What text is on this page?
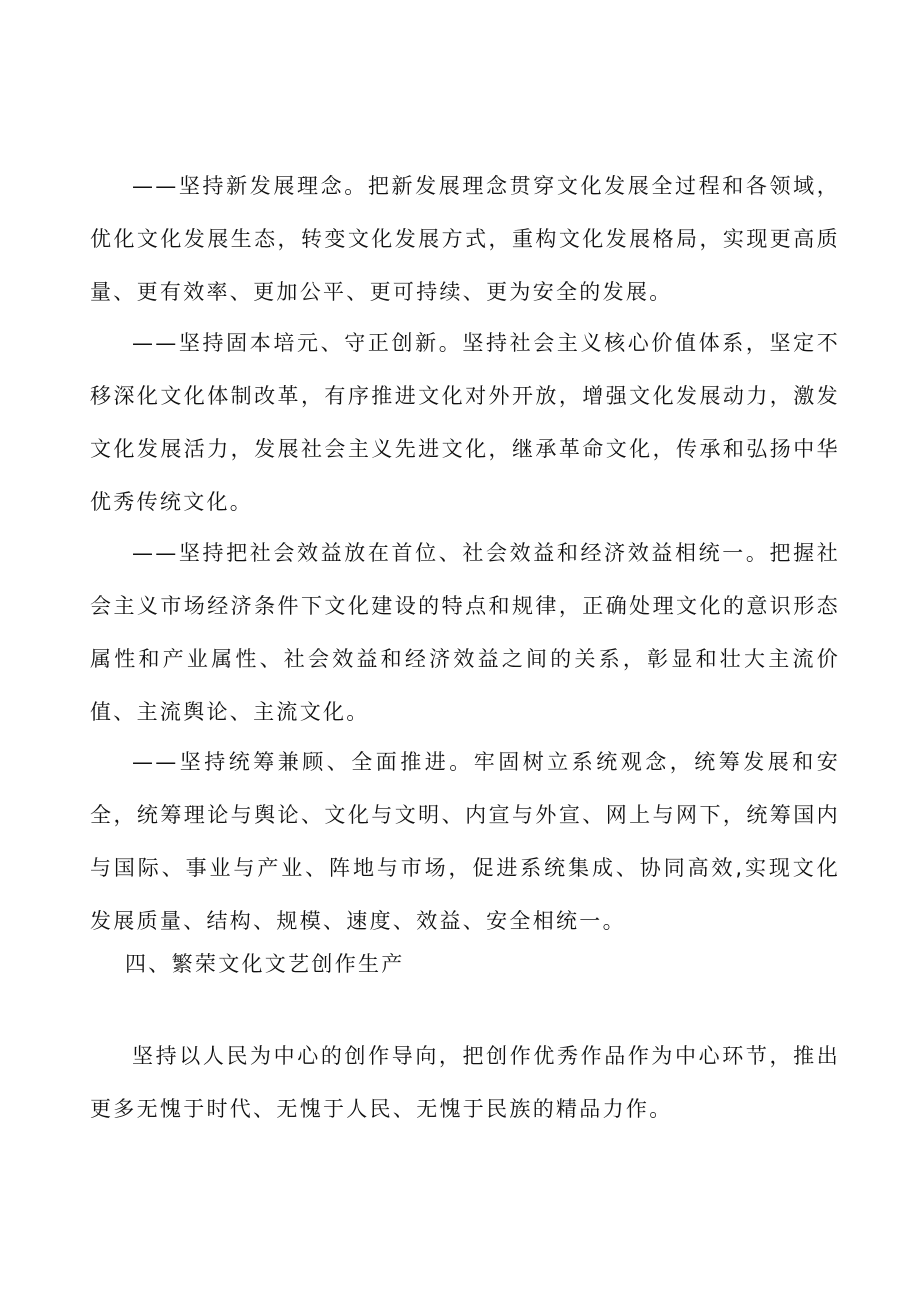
——坚持新发展理念。把新发展理念贯穿文化发展全过程和各领域，优化文化发展生态，转变文化发展方式，重构文化发展格局，实现更高质量、更有效率、更加公平、更可持续、更为安全的发展。

——坚持固本培元、守正创新。坚持社会主义核心价值体系，坚定不移深化文化体制改革，有序推进文化对外开放，增强文化发展动力，激发文化发展活力，发展社会主义先进文化，继承革命文化，传承和弘扬中华优秀传统文化。

——坚持把社会效益放在首位、社会效益和经济效益相统一。把握社会主义市场经济条件下文化建设的特点和规律，正确处理文化的意识形态属性和产业属性、社会效益和经济效益之间的关系，彰显和壮大主流价值、主流舆论、主流文化。

——坚持统筹兼顾、全面推进。牢固树立系统观念，统筹发展和安全，统筹理论与舆论、文化与文明、内宣与外宣、网上与网下，统筹国内与国际、事业与产业、阵地与市场，促进系统集成、协同高效,实现文化发展质量、结构、规模、速度、效益、安全相统一。

四、繁荣文化文艺创作生产

坚持以人民为中心的创作导向，把创作优秀作品作为中心环节，推出更多无愧于时代、无愧于人民、无愧于民族的精品力作。
